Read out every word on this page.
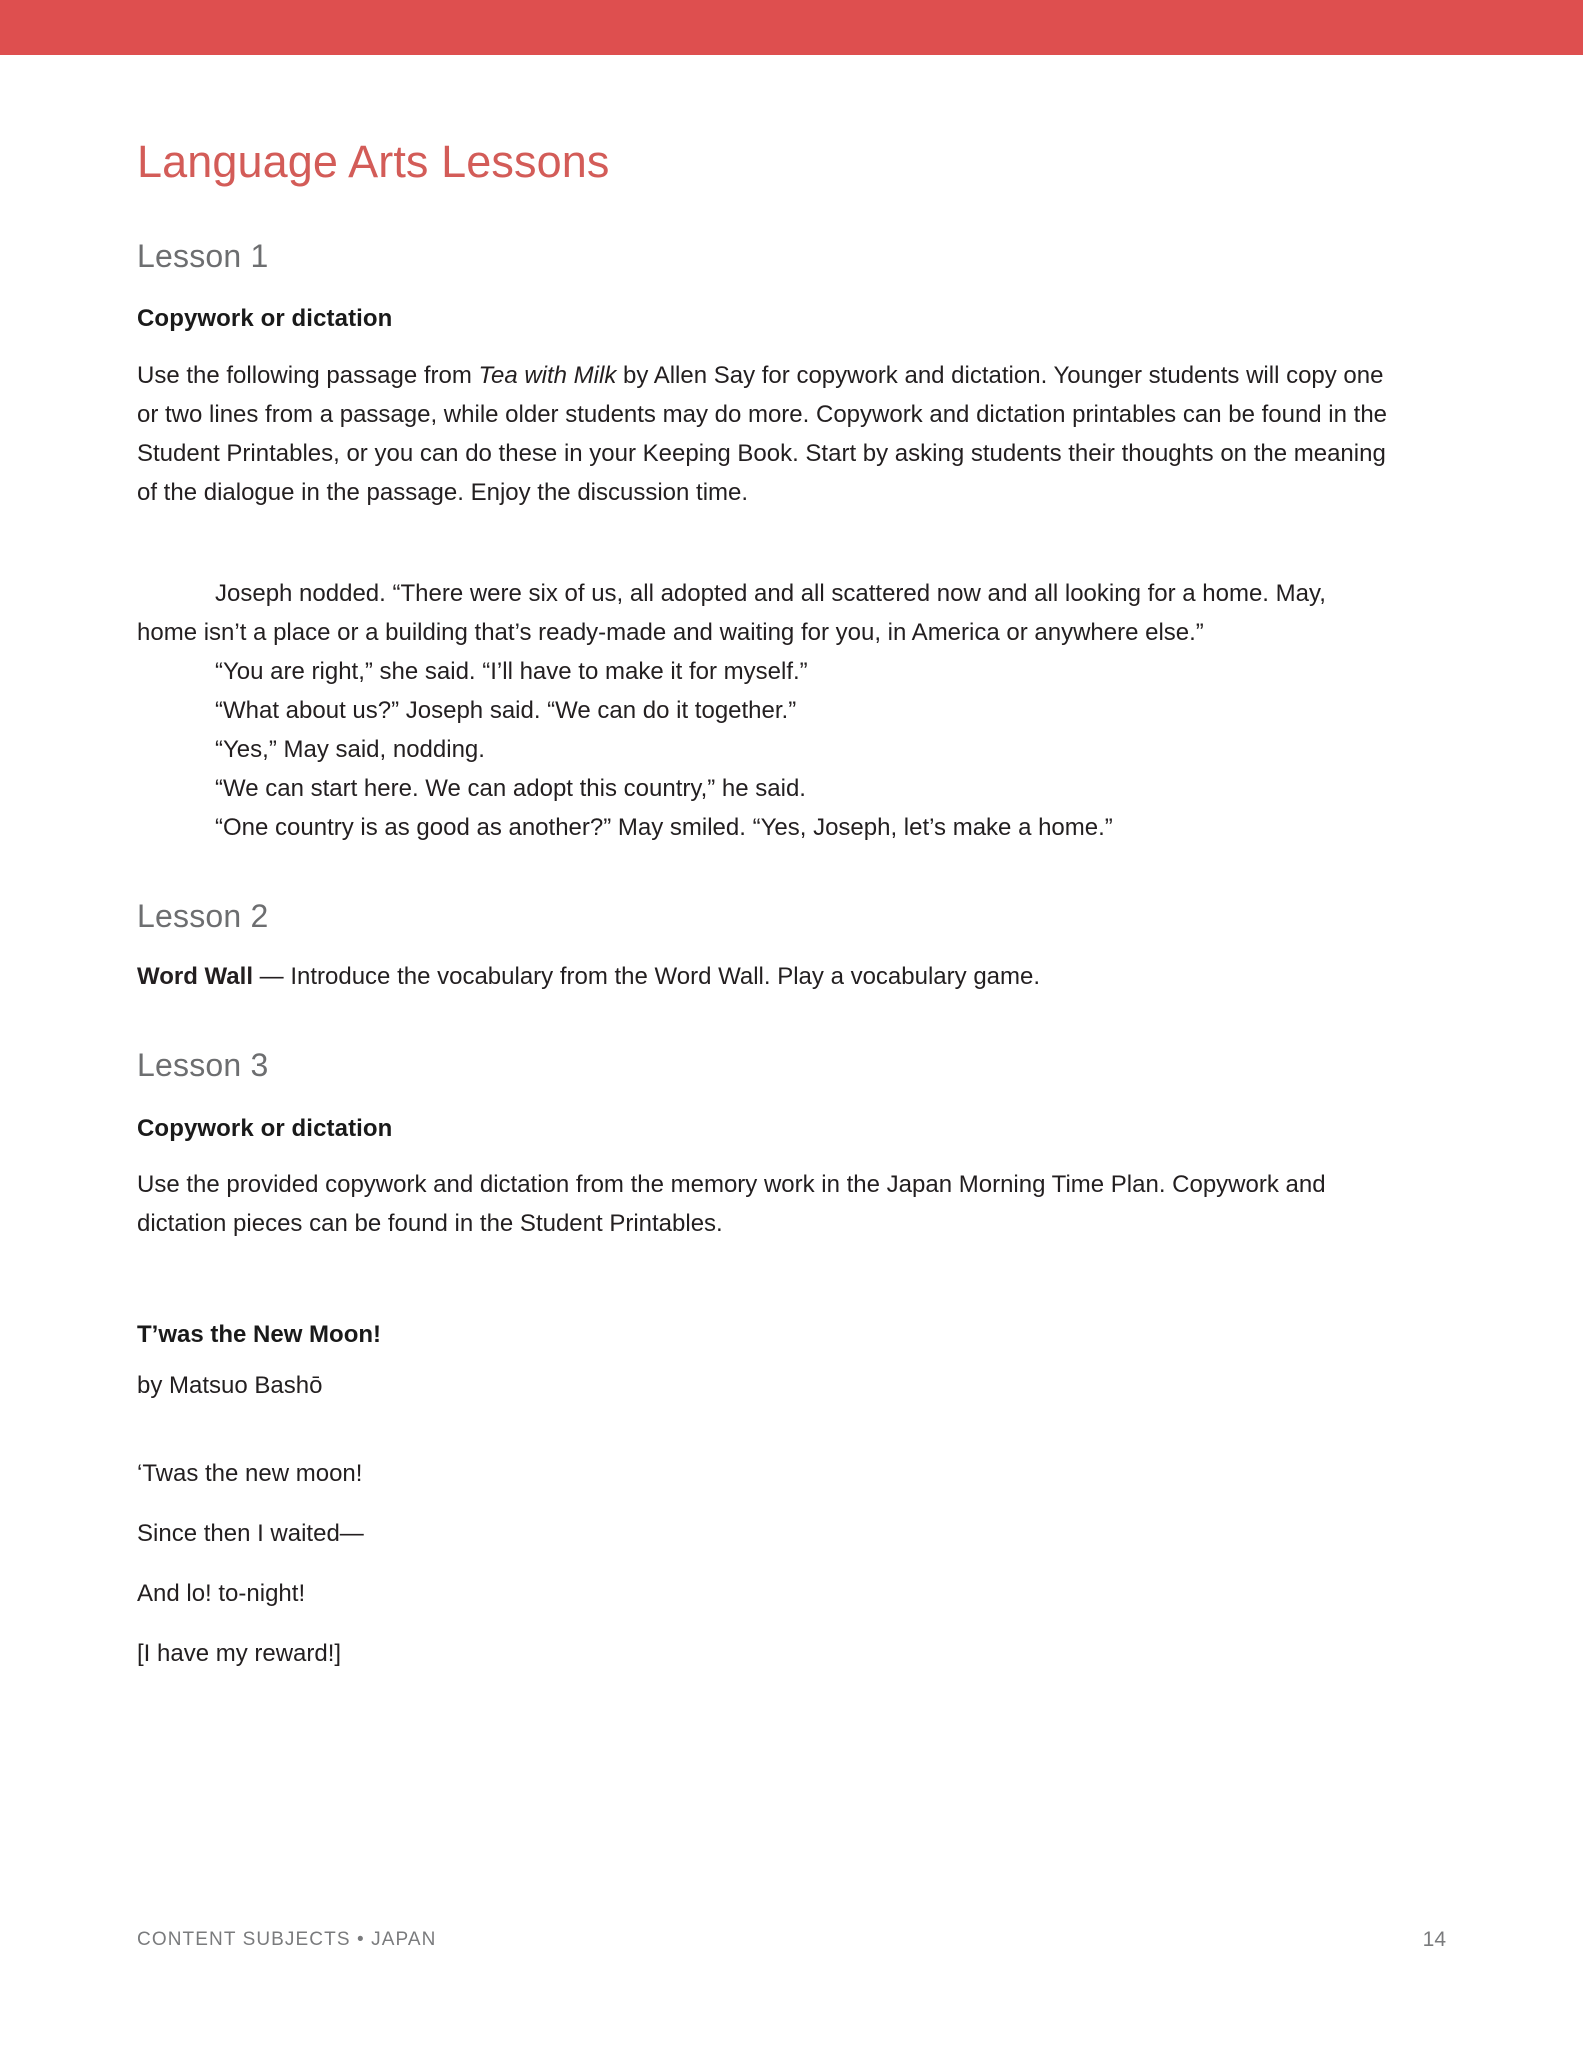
Language Arts Lessons
Lesson 1
Copywork or dictation

Use the following passage from Tea with Milk by Allen Say for copywork and dictation. Younger students will copy one or two lines from a passage, while older students may do more. Copywork and dictation printables can be found in the Student Printables, or you can do these in your Keeping Book. Start by asking students their thoughts on the meaning of the dialogue in the passage. Enjoy the discussion time.

Joseph nodded. “There were six of us, all adopted and all scattered now and all looking for a home. May, home isn’t a place or a building that’s ready-made and waiting for you, in America or anywhere else.”

“You are right,” she said. “I’ll have to make it for myself.”
“What about us?” Joseph said. “We can do it together.”
“Yes,” May said, nodding.
“We can start here. We can adopt this country,” he said.
“One country is as good as another?” May smiled. “Yes, Joseph, let’s make a home.”
Lesson 2

Word Wall — Introduce the vocabulary from the Word Wall. Play a vocabulary game.

Lesson 3
Copywork or dictation

Use the provided copywork and dictation from the memory work in the Japan Morning Time Plan. Copywork and dictation pieces can be found in the Student Printables.

T’was the New Moon!

by Matsuo Bashō

‘Twas the new moon!
Since then I waited—
And lo! to-night!
[I have my reward!]
CONTENT SUBJECTS • JAPAN	14
